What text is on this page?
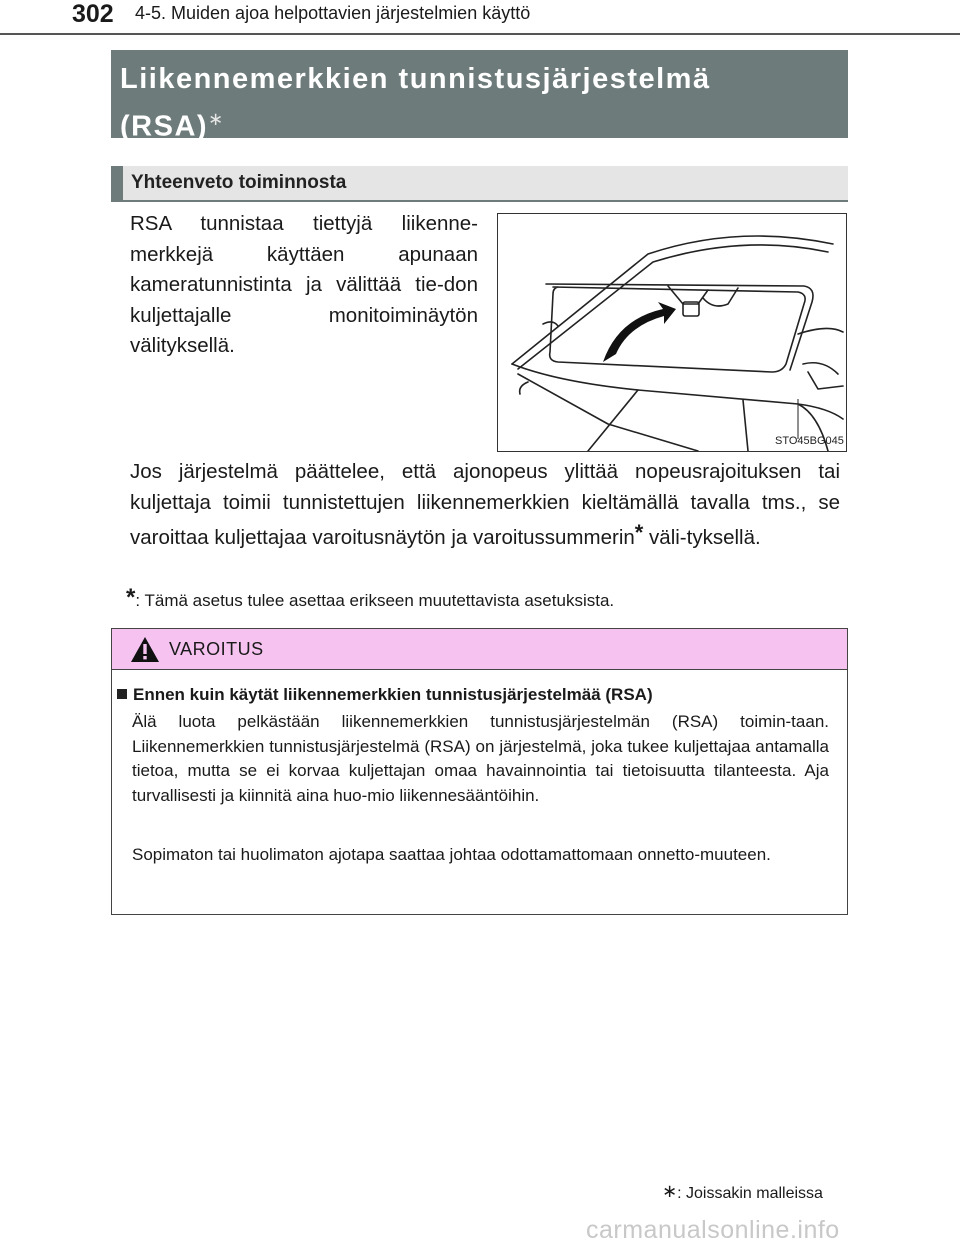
302 4-5. Muiden ajoa helpottavien järjestelmien käyttö
Liikennemerkkien tunnistusjärjestelmä
(RSA)∗
Yhteenveto toiminnosta
RSA tunnistaa tiettyjä liikenne-merkkejä käyttäen apunaan kameratunnistinta ja välittää tie-don kuljettajalle monitoiminäytön välityksellä.
STO45BG045
Jos järjestelmä päättelee, että ajonopeus ylittää nopeusrajoituksen tai kuljettaja toimii tunnistettujen liikennemerkkien kieltämällä tavalla tms., se varoittaa kuljettajaa varoitusnäytön ja varoitussummerin* väli-tyksellä.
*: Tämä asetus tulee asettaa erikseen muutettavista asetuksista.
VAROITUS
Ennen kuin käytät liikennemerkkien tunnistusjärjestelmää (RSA)
Älä luota pelkästään liikennemerkkien tunnistusjärjestelmän (RSA) toimin-taan. Liikennemerkkien tunnistusjärjestelmä (RSA) on järjestelmä, joka tukee kuljettajaa antamalla tietoa, mutta se ei korvaa kuljettajan omaa havainnointia tai tietoisuutta tilanteesta. Aja turvallisesti ja kiinnitä aina huo-mio liikennesääntöihin.
Sopimaton tai huolimaton ajotapa saattaa johtaa odottamattomaan onnetto-muuteen.
∗: Joissakin malleissa
carmanualsonline.info
